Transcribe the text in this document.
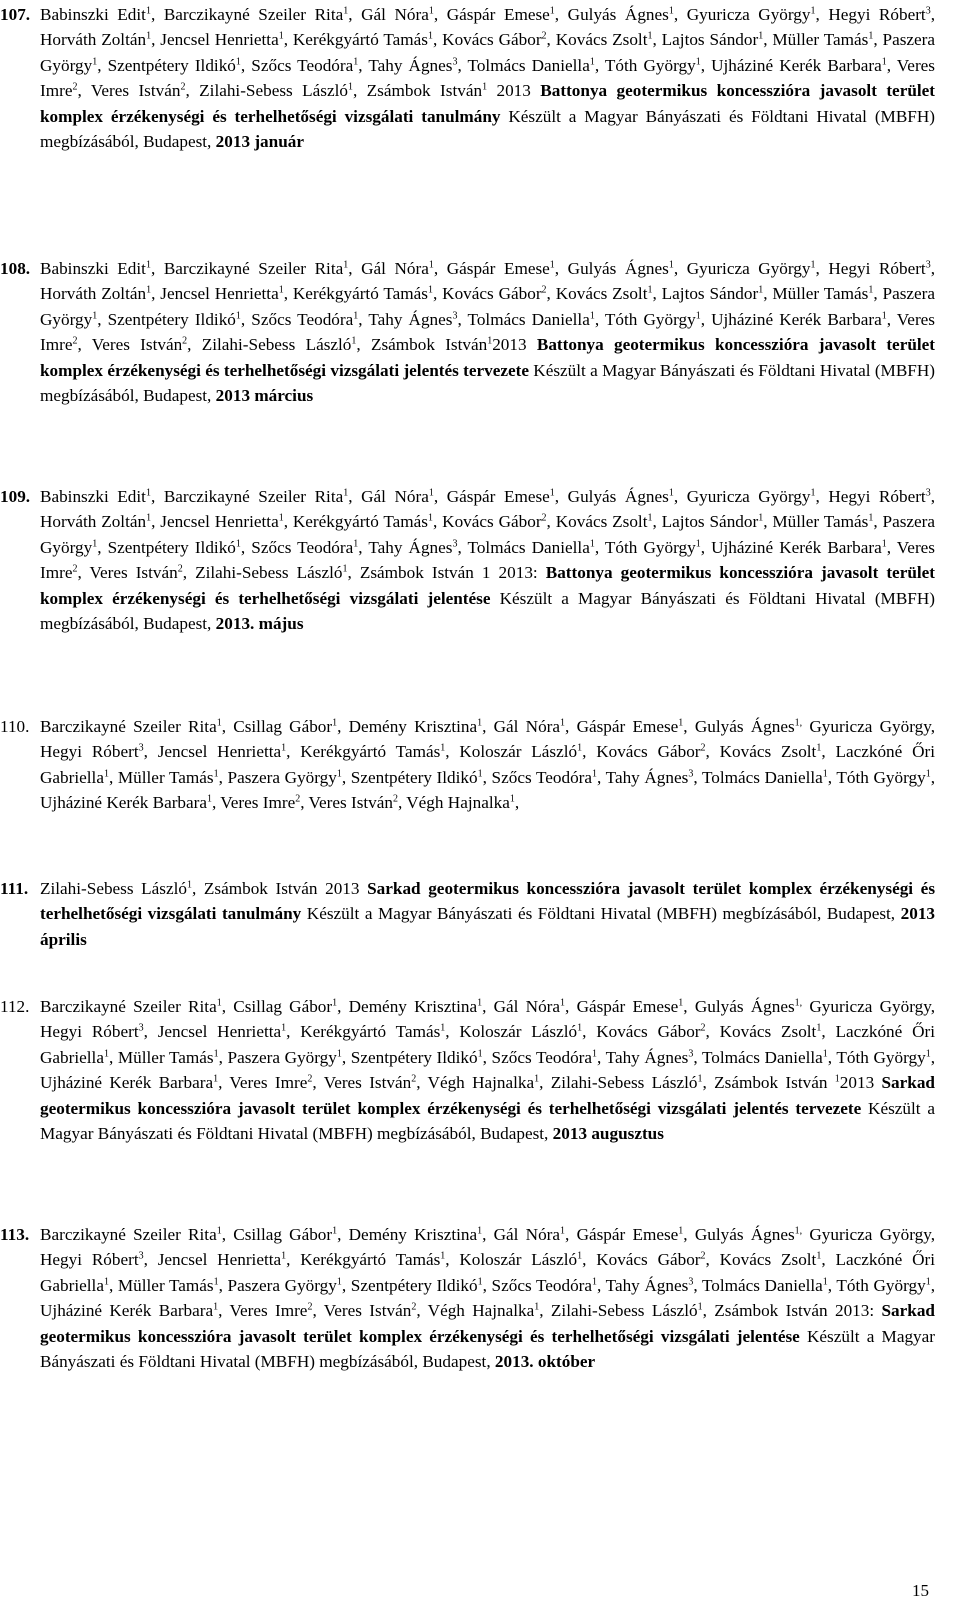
107. Babinszki Edit$^1$, Barczikayné Szeiler Rita$^1$, Gál Nóra$^1$, Gáspár Emese$^1$, Gulyás Ágnes$^1$, Gyuricza György$^1$, Hegyi Róbert$^3$, Horváth Zoltán$^1$, Jencsel Henrietta$^1$, Kerékgyártó Tamás$^1$, Kovács Gábor$^2$, Kovács Zsolt$^1$, Lajtos Sándor$^1$, Müller Tamás$^1$, Paszera György$^1$, Szentpétery Ildikó$^1$, Szőcs Teodóra$^1$, Tahy Ágnes$^3$, Tolmács Daniella$^1$, Tóth György$^1$, Ujháziné Kerék Barbara$^1$, Veres Imre$^2$, Veres István$^2$, Zilahi-Sebess László$^1$, Zsámbok István$^1$ 2013 Battonya geotermikus koncesszióra javasolt terület komplex érzékenységi és terhelhetőségi vizsgálati tanulmány Készült a Magyar Bányászati és Földtani Hivatal (MBFH) megbízásából, Budapest, 2013 január
108. Babinszki Edit$^1$, Barczikayné Szeiler Rita$^1$, Gál Nóra$^1$, Gáspár Emese$^1$, Gulyás Ágnes$^1$, Gyuricza György$^1$, Hegyi Róbert$^3$, Horváth Zoltán$^1$, Jencsel Henrietta$^1$, Kerékgyártó Tamás$^1$, Kovács Gábor$^2$, Kovács Zsolt$^1$, Lajtos Sándor$^1$, Müller Tamás$^1$, Paszera György$^1$, Szentpétery Ildikó$^1$, Szőcs Teodóra$^1$, Tahy Ágnes$^3$, Tolmács Daniella$^1$, Tóth György$^1$, Ujháziné Kerék Barbara$^1$, Veres Imre$^2$, Veres István$^2$, Zilahi-Sebess László$^1$, Zsámbok István$^1$2013 Battonya geotermikus koncesszióra javasolt terület komplex érzékenységi és terhelhetőségi vizsgálati jelentés tervezete Készült a Magyar Bányászati és Földtani Hivatal (MBFH) megbízásából, Budapest, 2013 március
109. Babinszki Edit$^1$, Barczikayné Szeiler Rita$^1$, Gál Nóra$^1$, Gáspár Emese$^1$, Gulyás Ágnes$^1$, Gyuricza György$^1$, Hegyi Róbert$^3$, Horváth Zoltán$^1$, Jencsel Henrietta$^1$, Kerékgyártó Tamás$^1$, Kovács Gábor$^2$, Kovács Zsolt$^1$, Lajtos Sándor$^1$, Müller Tamás$^1$, Paszera György$^1$, Szentpétery Ildikó$^1$, Szőcs Teodóra$^1$, Tahy Ágnes$^3$, Tolmács Daniella$^1$, Tóth György$^1$, Ujháziné Kerék Barbara$^1$, Veres Imre$^2$, Veres István$^2$, Zilahi-Sebess László$^1$, Zsámbok István 1 2013: Battonya geotermikus koncesszióra javasolt terület komplex érzékenységi és terhelhetőségi vizsgálati jelentése Készült a Magyar Bányászati és Földtani Hivatal (MBFH) megbízásából, Budapest, 2013. május
110. Barczikayné Szeiler Rita$^1$, Csillag Gábor$^1$, Demény Krisztina$^1$, Gál Nóra$^1$, Gáspár Emese$^1$, Gulyás Ágnes$^{1,}$ Gyuricza György, Hegyi Róbert$^3$, Jencsel Henrietta$^1$, Kerékgyártó Tamás$^1$, Koloszár László$^1$, Kovács Gábor$^2$, Kovács Zsolt$^1$, Laczkóné Őri Gabriella$^1$, Müller Tamás$^1$, Paszera György$^1$, Szentpétery Ildikó$^1$, Szőcs Teodóra$^1$, Tahy Ágnes$^3$, Tolmács Daniella$^1$, Tóth György$^1$, Ujháziné Kerék Barbara$^1$, Veres Imre$^2$, Veres István$^2$, Végh Hajnalka$^1$,
111. Zilahi-Sebess László$^1$, Zsámbok István 2013 Sarkad geotermikus koncesszióra javasolt terület komplex érzékenységi és terhelhetőségi vizsgálati tanulmány Készült a Magyar Bányászati és Földtani Hivatal (MBFH) megbízásából, Budapest, 2013 április
112. Barczikayné Szeiler Rita$^1$, Csillag Gábor$^1$, Demény Krisztina$^1$, Gál Nóra$^1$, Gáspár Emese$^1$, Gulyás Ágnes$^{1,}$ Gyuricza György, Hegyi Róbert$^3$, Jencsel Henrietta$^1$, Kerékgyártó Tamás$^1$, Koloszár László$^1$, Kovács Gábor$^2$, Kovács Zsolt$^1$, Laczkóné Őri Gabriella$^1$, Müller Tamás$^1$, Paszera György$^1$, Szentpétery Ildikó$^1$, Szőcs Teodóra$^1$, Tahy Ágnes$^3$, Tolmács Daniella$^1$, Tóth György$^1$, Ujháziné Kerék Barbara$^1$, Veres Imre$^2$, Veres István$^2$, Végh Hajnalka$^1$, Zilahi-Sebess László$^1$, Zsámbok István $^1$2013 Sarkad geotermikus koncesszióra javasolt terület komplex érzékenységi és terhelhetőségi vizsgálati jelentés tervezete Készült a Magyar Bányászati és Földtani Hivatal (MBFH) megbízásából, Budapest, 2013 augusztus
113. Barczikayné Szeiler Rita$^1$, Csillag Gábor$^1$, Demény Krisztina$^1$, Gál Nóra$^1$, Gáspár Emese$^1$, Gulyás Ágnes$^{1,}$ Gyuricza György, Hegyi Róbert$^3$, Jencsel Henrietta$^1$, Kerékgyártó Tamás$^1$, Koloszár László$^1$, Kovács Gábor$^2$, Kovács Zsolt$^1$, Laczkóné Őri Gabriella$^1$, Müller Tamás$^1$, Paszera György$^1$, Szentpétery Ildikó$^1$, Szőcs Teodóra$^1$, Tahy Ágnes$^3$, Tolmács Daniella$^1$, Tóth György$^1$, Ujháziné Kerék Barbara$^1$, Veres Imre$^2$, Veres István$^2$, Végh Hajnalka$^1$, Zilahi-Sebess László$^1$, Zsámbok István 2013: Sarkad geotermikus koncesszióra javasolt terület komplex érzékenységi és terhelhetőségi vizsgálati jelentése Készült a Magyar Bányászati és Földtani Hivatal (MBFH) megbízásából, Budapest, 2013. október
15
